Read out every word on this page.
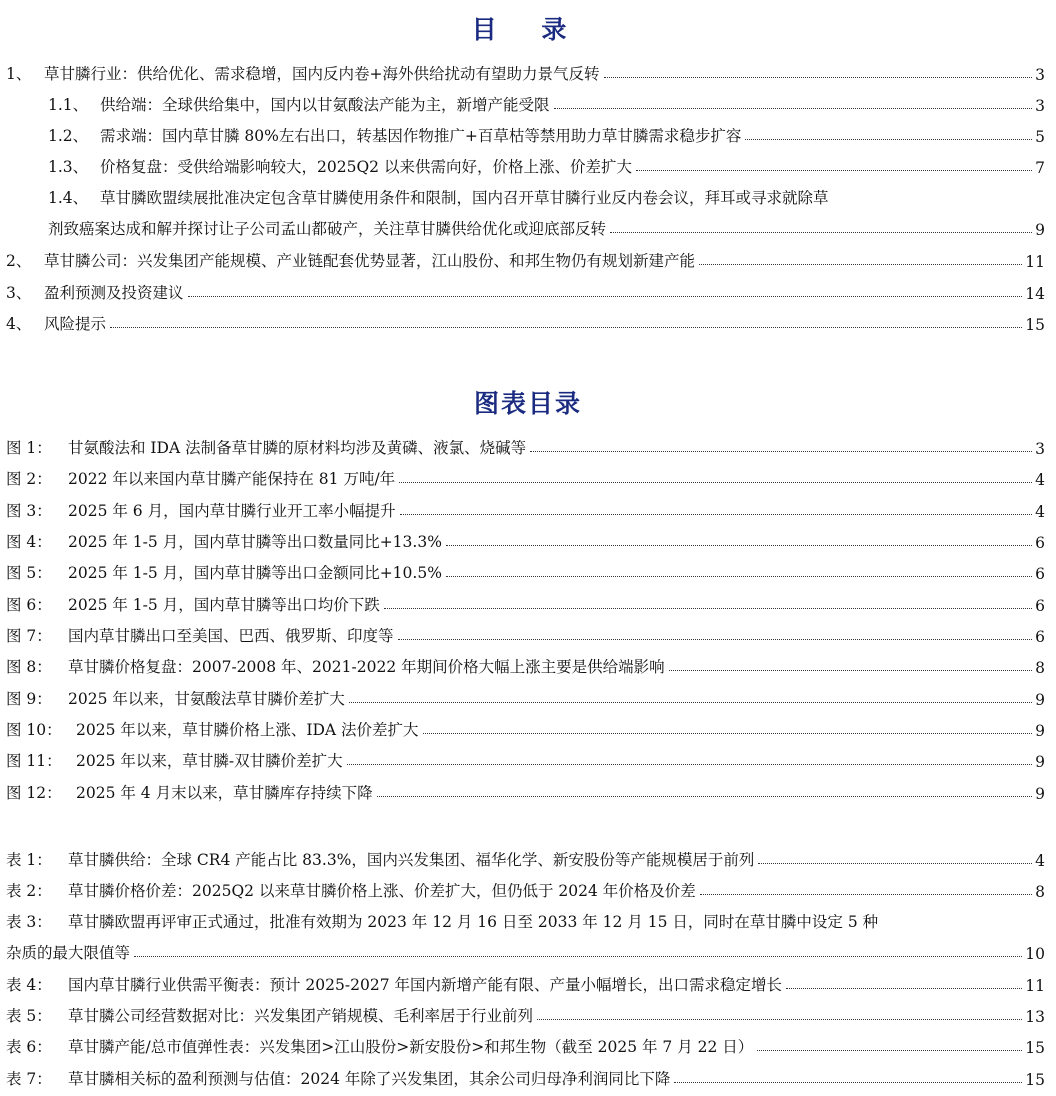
目 录
1、 草甘膦行业：供给优化、需求稳增，国内反内卷+海外供给扰动有望助力景气反转	3
1.1、 供给端：全球供给集中，国内以甘氨酸法产能为主，新增产能受限	3
1.2、 需求端：国内草甘膦 80%左右出口，转基因作物推广+百草枯等禁用助力草甘膦需求稳步扩容	5
1.3、 价格复盘：受供给端影响较大，2025Q2 以来供需向好，价格上涨、价差扩大	7
1.4、 草甘膦欧盟续展批准决定包含草甘膦使用条件和限制，国内召开草甘膦行业反内卷会议，拜耳或寻求就除草
剂致癌案达成和解并探讨让子公司孟山都破产，关注草甘膦供给优化或迎底部反转	9
2、 草甘膦公司：兴发集团产能规模、产业链配套优势显著，江山股份、和邦生物仍有规划新建产能	11
3、 盈利预测及投资建议	14
4、 风险提示	15
图表目录
图 1： 甘氨酸法和 IDA 法制备草甘膦的原材料均涉及黄磷、液氯、烧碱等	3
图 2： 2022 年以来国内草甘膦产能保持在 81 万吨/年	4
图 3： 2025 年 6 月，国内草甘膦行业开工率小幅提升	4
图 4： 2025 年 1-5 月，国内草甘膦等出口数量同比+13.3%	6
图 5： 2025 年 1-5 月，国内草甘膦等出口金额同比+10.5%	6
图 6： 2025 年 1-5 月，国内草甘膦等出口均价下跌	6
图 7： 国内草甘膦出口至美国、巴西、俄罗斯、印度等	6
图 8： 草甘膦价格复盘：2007-2008 年、2021-2022 年期间价格大幅上涨主要是供给端影响	8
图 9： 2025 年以来，甘氨酸法草甘膦价差扩大	9
图 10： 2025 年以来，草甘膦价格上涨、IDA 法价差扩大	9
图 11： 2025 年以来，草甘膦-双甘膦价差扩大	9
图 12： 2025 年 4 月末以来，草甘膦库存持续下降	9
表 1： 草甘膦供给：全球 CR4 产能占比 83.3%，国内兴发集团、福华化学、新安股份等产能规模居于前列	4
表 2： 草甘膦价格价差：2025Q2 以来草甘膦价格上涨、价差扩大，但仍低于 2024 年价格及价差	8
表 3： 草甘膦欧盟再评审正式通过，批准有效期为 2023 年 12 月 16 日至 2033 年 12 月 15 日，同时在草甘膦中设定 5 种
杂质的最大限值等	10
表 4： 国内草甘膦行业供需平衡表：预计 2025-2027 年国内新增产能有限、产量小幅增长，出口需求稳定增长	11
表 5： 草甘膦公司经营数据对比：兴发集团产销规模、毛利率居于行业前列	13
表 6： 草甘膦产能/总市值弹性表：兴发集团>江山股份>新安股份>和邦生物（截至 2025 年 7 月 22 日）	15
表 7： 草甘膦相关标的盈利预测与估值：2024 年除了兴发集团，其余公司归母净利润同比下降	15
